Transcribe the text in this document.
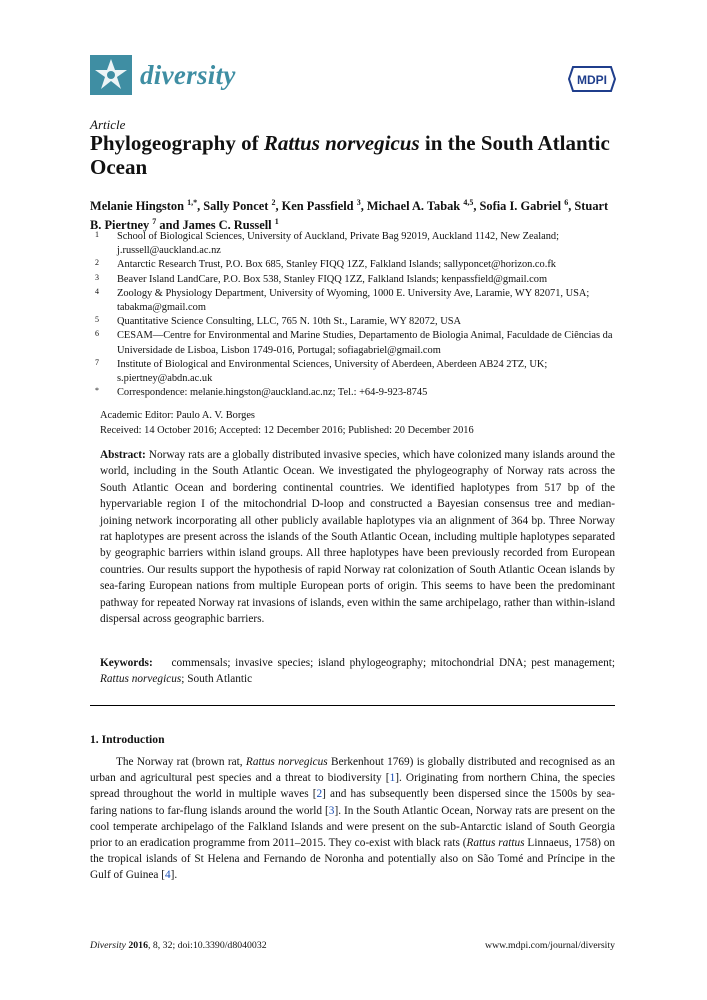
diversity	MDPI
Article
Phylogeography of Rattus norvegicus in the South Atlantic Ocean
Melanie Hingston $^{1,*}$, Sally Poncet $^2$, Ken Passfield $^3$, Michael A. Tabak $^{4,5}$, Sofia I. Gabriel $^6$, Stuart B. Piertney $^7$ and James C. Russell $^1$
1 School of Biological Sciences, University of Auckland, Private Bag 92019, Auckland 1142, New Zealand; j.russell@auckland.ac.nz
2 Antarctic Research Trust, P.O. Box 685, Stanley FIQQ 1ZZ, Falkland Islands; sallyponcet@horizon.co.fk
3 Beaver Island LandCare, P.O. Box 538, Stanley FIQQ 1ZZ, Falkland Islands; kenpassfield@gmail.com
4 Zoology & Physiology Department, University of Wyoming, 1000 E. University Ave, Laramie, WY 82071, USA; tabakma@gmail.com
5 Quantitative Science Consulting, LLC, 765 N. 10th St., Laramie, WY 82072, USA
6 CESAM—Centre for Environmental and Marine Studies, Departamento de Biologia Animal, Faculdade de Ciências da Universidade de Lisboa, Lisbon 1749-016, Portugal; sofiagabriel@gmail.com
7 Institute of Biological and Environmental Sciences, University of Aberdeen, Aberdeen AB24 2TZ, UK; s.piertney@abdn.ac.uk
* Correspondence: melanie.hingston@auckland.ac.nz; Tel.: +64-9-923-8745
Academic Editor: Paulo A. V. Borges
Received: 14 October 2016; Accepted: 12 December 2016; Published: 20 December 2016

Abstract: Norway rats are a globally distributed invasive species, which have colonized many islands around the world, including in the South Atlantic Ocean. We investigated the phylogeography of Norway rats across the South Atlantic Ocean and bordering continental countries. We identified haplotypes from 517 bp of the hypervariable region I of the mitochondrial D-loop and constructed a Bayesian consensus tree and median-joining network incorporating all other publicly available haplotypes via an alignment of 364 bp. Three Norway rat haplotypes are present across the islands of the South Atlantic Ocean, including multiple haplotypes separated by geographic barriers within island groups. All three haplotypes have been previously recorded from European countries. Our results support the hypothesis of rapid Norway rat colonization of South Atlantic Ocean islands by sea-faring European nations from multiple European ports of origin. This seems to have been the predominant pathway for repeated Norway rat invasions of islands, even within the same archipelago, rather than within-island dispersal across geographic barriers.

Keywords: commensals; invasive species; island phylogeography; mitochondrial DNA; pest management; Rattus norvegicus; South Atlantic

1. Introduction

The Norway rat (brown rat, Rattus norvegicus Berkenhout 1769) is globally distributed and recognised as an urban and agricultural pest species and a threat to biodiversity [1]. Originating from northern China, the species spread throughout the world in multiple waves [2] and has subsequently been dispersed since the 1500s by sea-faring nations to far-flung islands around the world [3]. In the South Atlantic Ocean, Norway rats are present on the cool temperate archipelago of the Falkland Islands and were present on the sub-Antarctic island of South Georgia prior to an eradication programme from 2011–2015. They co-exist with black rats (Rattus rattus Linnaeus, 1758) on the tropical islands of St Helena and Fernando de Noronha and potentially also on São Tomé and Príncipe in the Gulf of Guinea [4].

Diversity 2016, 8, 32; doi:10.3390/d8040032	www.mdpi.com/journal/diversity
